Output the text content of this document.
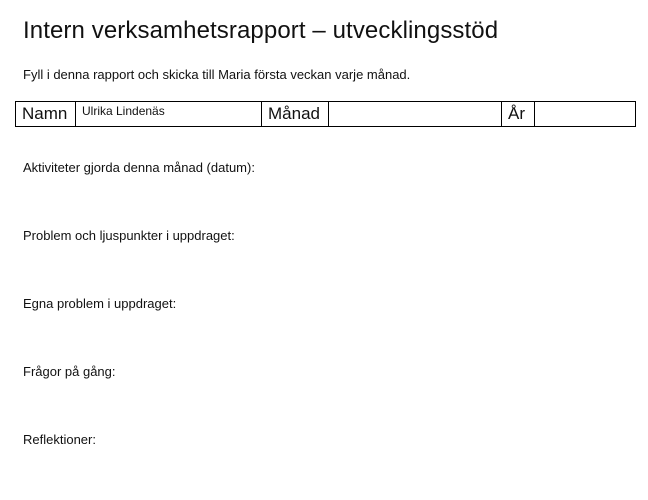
Intern verksamhetsrapport – utvecklingsstöd

Fyll i denna rapport och skicka till Maria första veckan varje månad.

Namn	Ulrika Lindenäs	Månad		År	

Aktiviteter gjorda denna månad (datum):

Problem och ljuspunkter i uppdraget:

Egna problem i uppdraget:

Frågor på gång:

Reflektioner:
